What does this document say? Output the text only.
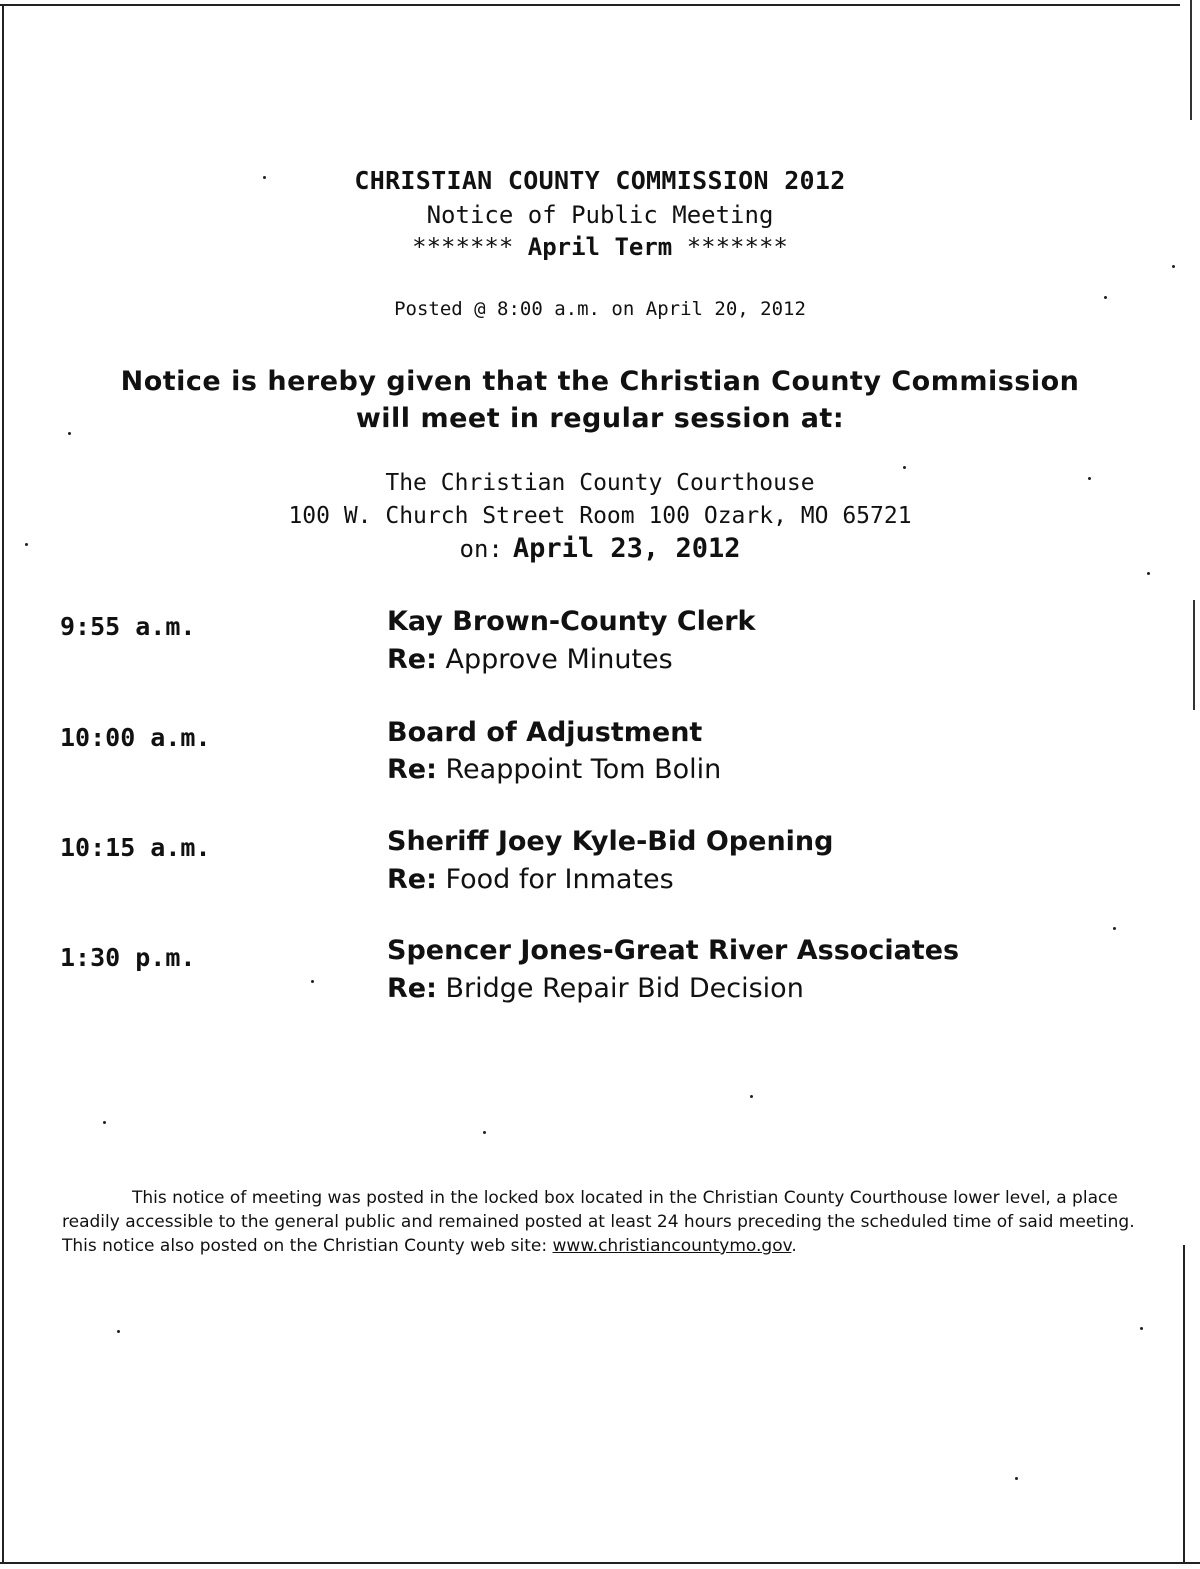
CHRISTIAN COUNTY COMMISSION 2012
Notice of Public Meeting
******* April Term *******
Posted @ 8:00 a.m. on April 20, 2012
Notice is hereby given that the Christian County Commission
will meet in regular session at:
The Christian County Courthouse
100 W. Church Street Room 100 Ozark, MO 65721
on: April 23, 2012
9:55 a.m.	Kay Brown-County Clerk
Re: Approve Minutes
10:00 a.m.	Board of Adjustment
Re: Reappoint Tom Bolin
10:15 a.m.	Sheriff Joey Kyle-Bid Opening
Re: Food for Inmates
1:30 p.m.	Spencer Jones-Great River Associates
Re: Bridge Repair Bid Decision
This notice of meeting was posted in the locked box located in the Christian County Courthouse lower level, a place readily accessible to the general public and remained posted at least 24 hours preceding the scheduled time of said meeting. This notice also posted on the Christian County web site: www.christiancountymo.gov.
